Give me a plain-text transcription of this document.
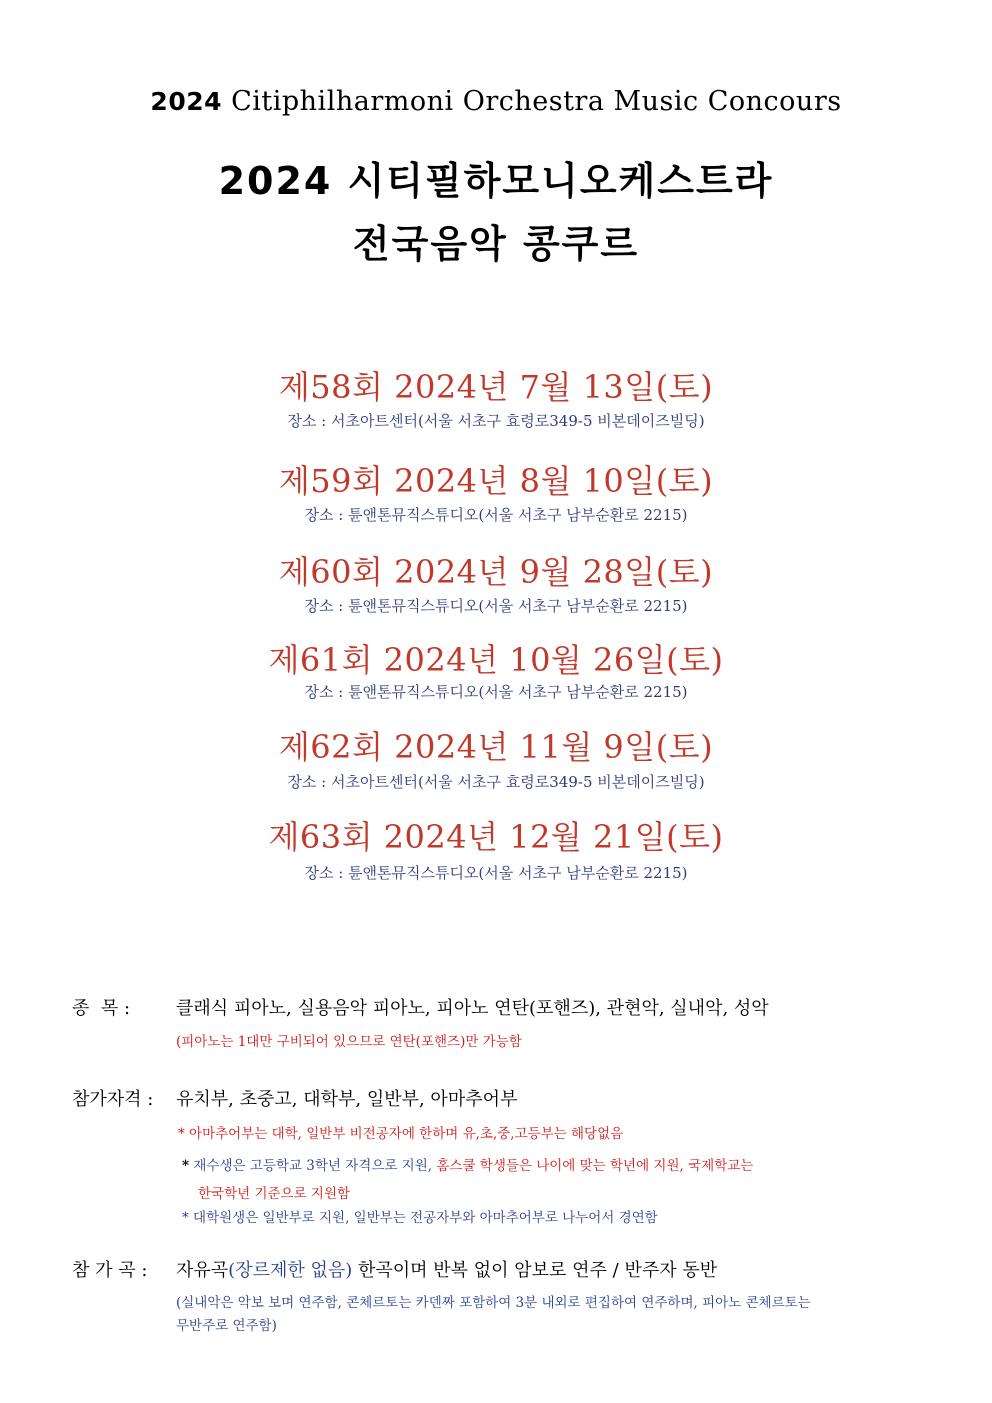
2024 Citiphilharmoni Orchestra Music Concours
2024 시티필하모니오케스트라
전국음악 콩쿠르
제58회 2024년 7월 13일(토)
장소 : 서초아트센터(서울 서초구 효령로349-5 비본데이즈빌딩)
제59회 2024년 8월 10일(토)
장소 : 튠앤톤뮤직스튜디오(서울 서초구 남부순환로 2215)
제60회 2024년 9월 28일(토)
장소 : 튠앤톤뮤직스튜디오(서울 서초구 남부순환로 2215)
제61회 2024년 10월 26일(토)
장소 : 튠앤톤뮤직스튜디오(서울 서초구 남부순환로 2215)
제62회 2024년 11월 9일(토)
장소 : 서초아트센터(서울 서초구 효령로349-5 비본데이즈빌딩)
제63회 2024년 12월 21일(토)
장소 : 튠앤톤뮤직스튜디오(서울 서초구 남부순환로 2215)
종  목 :	클래식 피아노, 실용음악 피아노, 피아노 연탄(포핸즈), 관현악, 실내악, 성악
(피아노는 1대만 구비되어 있으므로 연탄(포핸즈)만 가능함
참가자격 : 유치부, 초중고, 대학부, 일반부, 아마추어부
* 아마추어부는 대학, 일반부 비전공자에 한하며 유,초,중,고등부는 해당없음
* 재수생은 고등학교 3학년 자격으로 지원, 홈스쿨 학생들은 나이에 맞는 학년에 지원, 국제학교는
한국학년 기준으로 지원함
* 대학원생은 일반부로 지원, 일반부는 전공자부와 아마추어부로 나누어서 경연함
참 가 곡 : 자유곡(장르제한 없음) 한곡이며 반복 없이 암보로 연주 / 반주자 동반
(실내악은 악보 보며 연주함, 콘체르토는 카덴짜 포함하여 3분 내외로 편집하여 연주하며, 피아노 콘체르토는
무반주로 연주함)
